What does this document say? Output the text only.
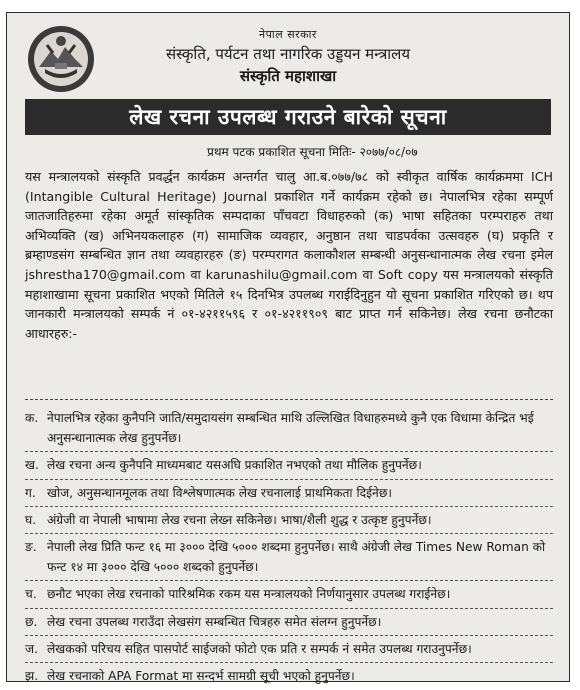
नेपाल सरकार
संस्कृति, पर्यटन तथा नागरिक उड्डयन मन्त्रालय
संस्कृति महाशाखा
लेख रचना उपलब्ध गराउने बारेको सूचना
प्रथम पटक प्रकाशित सूचना मितिः- २०७७/०८/०७
यस मन्त्रालयको संस्कृति प्रवर्द्धन कार्यक्रम अन्तर्गत चालु आ.ब.०७७/७८ को स्वीकृत वार्षिक कार्यक्रममा ICH (Intangible Cultural Heritage) Journal प्रकाशित गर्ने कार्यक्रम रहेको छ। नेपालभित्र रहेका सम्पूर्ण जातजातिहरुमा रहेका अमूर्त सांस्कृतिक सम्पदाका पाँचवटा विधाहरुको (क) भाषा सहितका परम्पराहरु तथा अभिव्यक्ति (ख) अभिनयकलाहरु (ग) सामाजिक व्यवहार, अनुष्ठान तथा चाडपर्वका उत्सवहरु (घ) प्रकृति र ब्रम्हाण्डसंग सम्बन्धित ज्ञान तथा व्यवहारहरु (ङ) परम्परागत कलाकौशल सम्बन्धी अनुसन्धानात्मक लेख रचना इमेल jshrestha170@gmail.com वा karunashilu@gmail.com वा Soft copy यस मन्त्रालयको संस्कृति महाशाखामा सूचना प्रकाशित भएको मितिले १५ दिनभित्र उपलब्ध गराईदिनुहुन यो सूचना प्रकाशित गरिएको छ। थप जानकारी मन्त्रालयको सम्पर्क नं ०१-४२११५९६ र ०१-४२११९०९ बाट प्राप्त गर्न सकिनेछ। लेख रचना छनौटका आधारहरु:-
क. नेपालभित्र रहेका कुनैपनि जाति/समुदायसंग सम्बन्धित माथि उल्लिखित विधाहरुमध्ये कुनै एक विधामा केन्द्रित भई अनुसन्धानात्मक लेख हुनुपर्नेछ।
ख. लेख रचना अन्य कुनैपनि माध्यमबाट यसअघि प्रकाशित नभएको तथा मौलिक हुनुपर्नेछ।
ग. खोज, अनुसन्धानमूलक तथा विश्लेषणात्मक लेख रचनालाई प्राथमिकता दिईनेछ।
घ. अंग्रेजी वा नेपाली भाषामा लेख रचना लेख्न सकिनेछ। भाषा/शैली शुद्ध र उत्कृष्ट हुनुपर्नेछ।
ङ. नेपाली लेख प्रिति फन्ट १६ मा ३००० देखि ५००० शब्दमा हुनुपर्नेछ। साथै अंग्रेजी लेख Times New Roman को फन्ट १४ मा ३००० देखि ५००० शब्दको हुनुपर्नेछ।
च. छनौट भएका लेख रचनाको पारिश्रमिक रकम यस मन्त्रालयको निर्णयानुसार उपलब्ध गराईनेछ।
छ. लेख रचना उपलब्ध गराउँदा लेखसंग सम्बन्धित चित्रहरु समेत संलग्न हुनुपर्नेछ।
ज. लेखकको परिचय सहित पासपोर्ट साईजको फोटो एक प्रति र सम्पर्क नं समेत उपलब्ध गराउनुपर्नेछ।
झ. लेख रचनाको APA Format मा सन्दर्भ सामग्री सूची भएको हुनुपर्नेछ।
